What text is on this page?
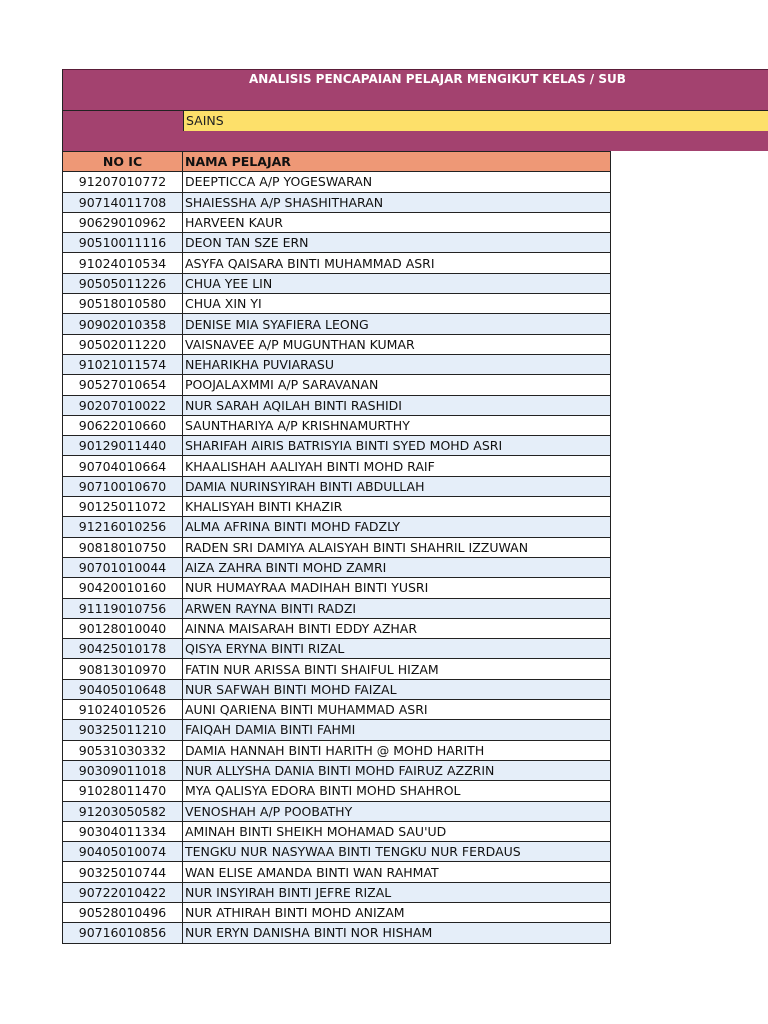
ANALISIS PENCAPAIAN PELAJAR MENGIKUT KELAS / SUB
SAINS
NO IC	NAMA PELAJAR
91207010772	DEEPTICCA A/P YOGESWARAN
90714011708	SHAIESSHA A/P SHASHITHARAN
90629010962	HARVEEN KAUR
90510011116	DEON TAN SZE ERN
91024010534	ASYFA QAISARA BINTI MUHAMMAD ASRI
90505011226	CHUA YEE LIN
90518010580	CHUA XIN YI
90902010358	DENISE MIA SYAFIERA LEONG
90502011220	VAISNAVEE A/P MUGUNTHAN KUMAR
91021011574	NEHARIKHA PUVIARASU
90527010654	POOJALAXMMI A/P SARAVANAN
90207010022	NUR SARAH AQILAH BINTI RASHIDI
90622010660	SAUNTHARIYA A/P KRISHNAMURTHY
90129011440	SHARIFAH AIRIS BATRISYIA BINTI SYED MOHD ASRI
90704010664	KHAALISHAH AALIYAH BINTI MOHD RAIF
90710010670	DAMIA NURINSYIRAH BINTI ABDULLAH
90125011072	KHALISYAH BINTI KHAZIR
91216010256	ALMA AFRINA BINTI MOHD FADZLY
90818010750	RADEN SRI DAMIYA ALAISYAH BINTI SHAHRIL IZZUWAN
90701010044	AIZA ZAHRA BINTI MOHD ZAMRI
90420010160	NUR HUMAYRAA MADIHAH BINTI YUSRI
91119010756	ARWEN RAYNA BINTI RADZI
90128010040	AINNA MAISARAH BINTI EDDY AZHAR
90425010178	QISYA ERYNA BINTI RIZAL
90813010970	FATIN NUR ARISSA BINTI SHAIFUL HIZAM
90405010648	NUR SAFWAH BINTI MOHD FAIZAL
91024010526	AUNI QARIENA BINTI MUHAMMAD ASRI
90325011210	FAIQAH DAMIA BINTI FAHMI
90531030332	DAMIA HANNAH BINTI HARITH @ MOHD HARITH
90309011018	NUR ALLYSHA DANIA BINTI MOHD FAIRUZ AZZRIN
91028011470	MYA QALISYA EDORA BINTI MOHD SHAHROL
91203050582	VENOSHAH A/P POOBATHY
90304011334	AMINAH BINTI SHEIKH MOHAMAD SAU'UD
90405010074	TENGKU NUR NASYWAA BINTI TENGKU NUR FERDAUS
90325010744	WAN ELISE AMANDA BINTI WAN RAHMAT
90722010422	NUR INSYIRAH BINTI JEFRE RIZAL
90528010496	NUR ATHIRAH BINTI MOHD ANIZAM
90716010856	NUR ERYN DANISHA BINTI NOR HISHAM
